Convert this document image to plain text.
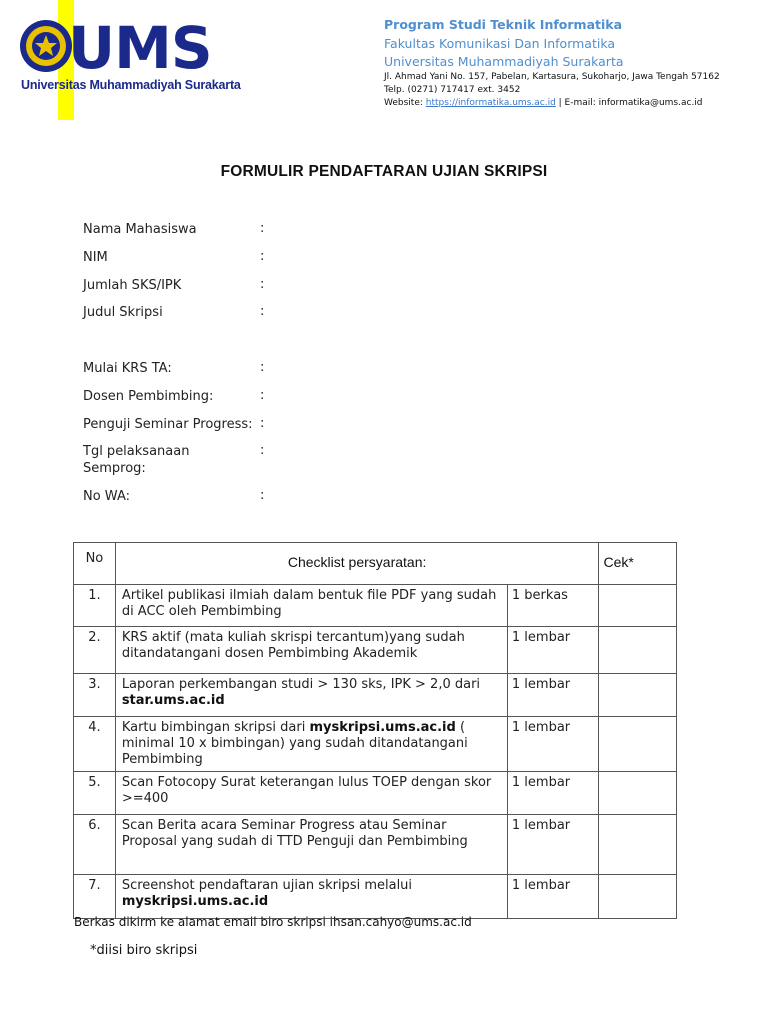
UMS
Universitas Muhammadiyah Surakarta
Program Studi Teknik Informatika
Fakultas Komunikasi Dan Informatika
Universitas Muhammadiyah Surakarta
Jl. Ahmad Yani No. 157, Pabelan, Kartasura, Sukoharjo, Jawa Tengah 57162
Telp. (0271) 717417 ext. 3452
Website: https://informatika.ums.ac.id | E-mail: informatika@ums.ac.id
FORMULIR PENDAFTARAN UJIAN SKRIPSI
Nama Mahasiswa	:
NIM	:
Jumlah SKS/IPK	:
Judul Skripsi	:
Mulai KRS TA:	:
Dosen Pembimbing:	:
Penguji Seminar Progress: :
Tgl pelaksanaan Semprog:
:
No WA:	:
No	Checklist persyaratan:		Cek*
1.	Artikel publikasi ilmiah dalam bentuk file PDF yang sudah di ACC oleh Pembimbing	1 berkas	
2.	KRS aktif (mata kuliah skrispi tercantum)yang sudah ditandatangani dosen Pembimbing Akademik	1 lembar	
3.	Laporan perkembangan studi > 130 sks, IPK > 2,0 dari star.ums.ac.id	1 lembar	
4.	Kartu bimbingan skripsi dari myskripsi.ums.ac.id ( minimal 10 x bimbingan) yang sudah ditandatangani Pembimbing	1 lembar	
5.	Scan Fotocopy Surat keterangan lulus TOEP dengan skor >=400	1 lembar	
6.	Scan Berita acara Seminar Progress atau Seminar Proposal yang sudah di TTD Penguji dan Pembimbing	1 lembar	
7.	Screenshot pendaftaran ujian skripsi melalui
myskripsi.ums.ac.id	1 lembar	
Berkas dikirm ke alamat email biro skripsi ihsan.cahyo@ums.ac.id
*diisi biro skripsi
